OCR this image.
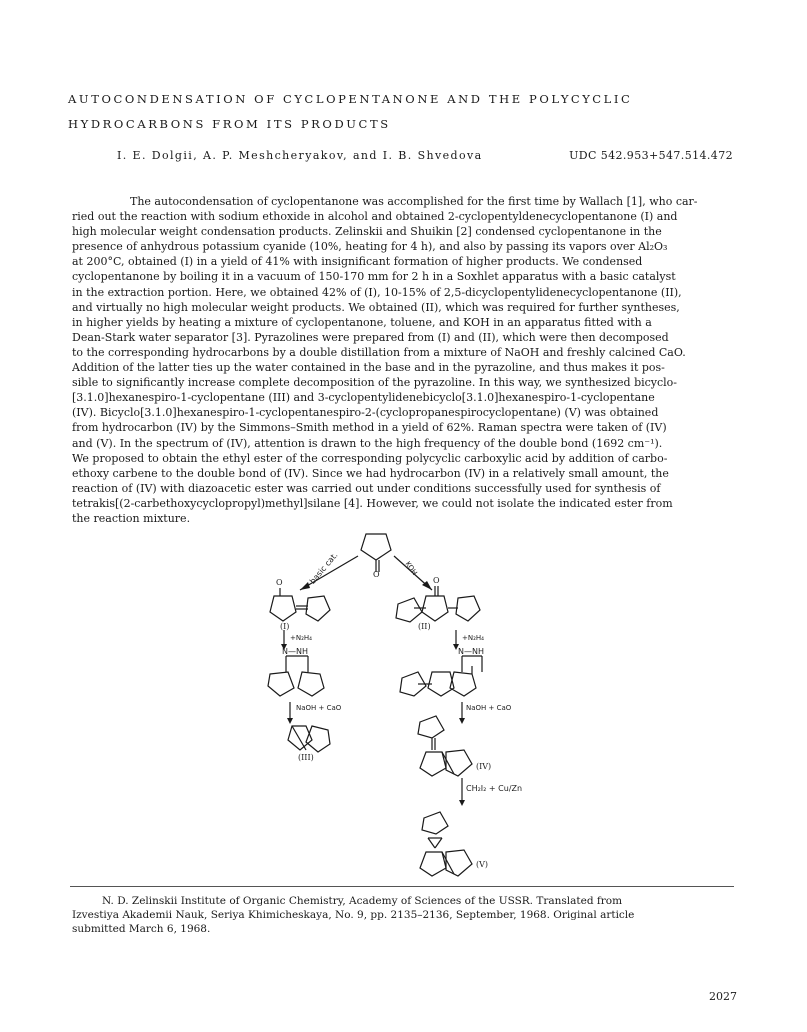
AUTOCONDENSATION OF CYCLOPENTANONE AND THE POLYCYCLIC
HYDROCARBONS FROM ITS PRODUCTS
I. E. Dolgii, A. P. Meshcheryakov, and I. B. Shvedova	UDC 542.953+547.514.472
The autocondensation of cyclopentanone was accomplished for the first time by Wallach [1], who car-
ried out the reaction with sodium ethoxide in alcohol and obtained 2-cyclopentyldenecyclopentanone (I) and
high molecular weight condensation products. Zelinskii and Shuikin [2] condensed cyclopentanone in the
presence of anhydrous potassium cyanide (10%, heating for 4 h), and also by passing its vapors over Al₂O₃
at 200°C, obtained (I) in a yield of 41% with insignificant formation of higher products. We condensed
cyclopentanone by boiling it in a vacuum of 150-170 mm for 2 h in a Soxhlet apparatus with a basic catalyst
in the extraction portion. Here, we obtained 42% of (I), 10-15% of 2,5-dicyclopentylidenecyclopentanone (II),
and virtually no high molecular weight products. We obtained (II), which was required for further syntheses,
in higher yields by heating a mixture of cyclopentanone, toluene, and KOH in an apparatus fitted with a
Dean-Stark water separator [3]. Pyrazolines were prepared from (I) and (II), which were then decomposed
to the corresponding hydrocarbons by a double distillation from a mixture of NaOH and freshly calcined CaO.
Addition of the latter ties up the water contained in the base and in the pyrazoline, and thus makes it pos-
sible to significantly increase complete decomposition of the pyrazoline. In this way, we synthesized bicyclo-
[3.1.0]hexanespiro-1-cyclopentane (III) and 3-cyclopentylidenebicyclo[3.1.0]hexanespiro-1-cyclopentane
(IV). Bicyclo[3.1.0]hexanespiro-1-cyclopentanespiro-2-(cyclopropanespirocyclopentane) (V) was obtained
from hydrocarbon (IV) by the Simmons–Smith method in a yield of 62%. Raman spectra were taken of (IV)
and (V). In the spectrum of (IV), attention is drawn to the high frequency of the double bond (1692 cm⁻¹).
We proposed to obtain the ethyl ester of the corresponding polycyclic carboxylic acid by addition of carbo-
ethoxy carbene to the double bond of (IV). Since we had hydrocarbon (IV) in a relatively small amount, the
reaction of (IV) with diazoacetic ester was carried out under conditions successfully used for synthesis of
tetrakis[(2-carbethoxycyclopropyl)methyl]silane [4]. However, we could not isolate the indicated ester from
the reaction mixture.
basic cat.	KOH
O
O	O
(I)	(II)
+N₂H₄	+N₂H₄
N—NH	N—NH
NaOH + CaO	NaOH + CaO
(III)
(IV)
CH₂I₂ + Cu/Zn
(V)
N. D. Zelinskii Institute of Organic Chemistry, Academy of Sciences of the USSR. Translated from
Izvestiya Akademii Nauk, Seriya Khimicheskaya, No. 9, pp. 2135–2136, September, 1968. Original article
submitted March 6, 1968.
2027
